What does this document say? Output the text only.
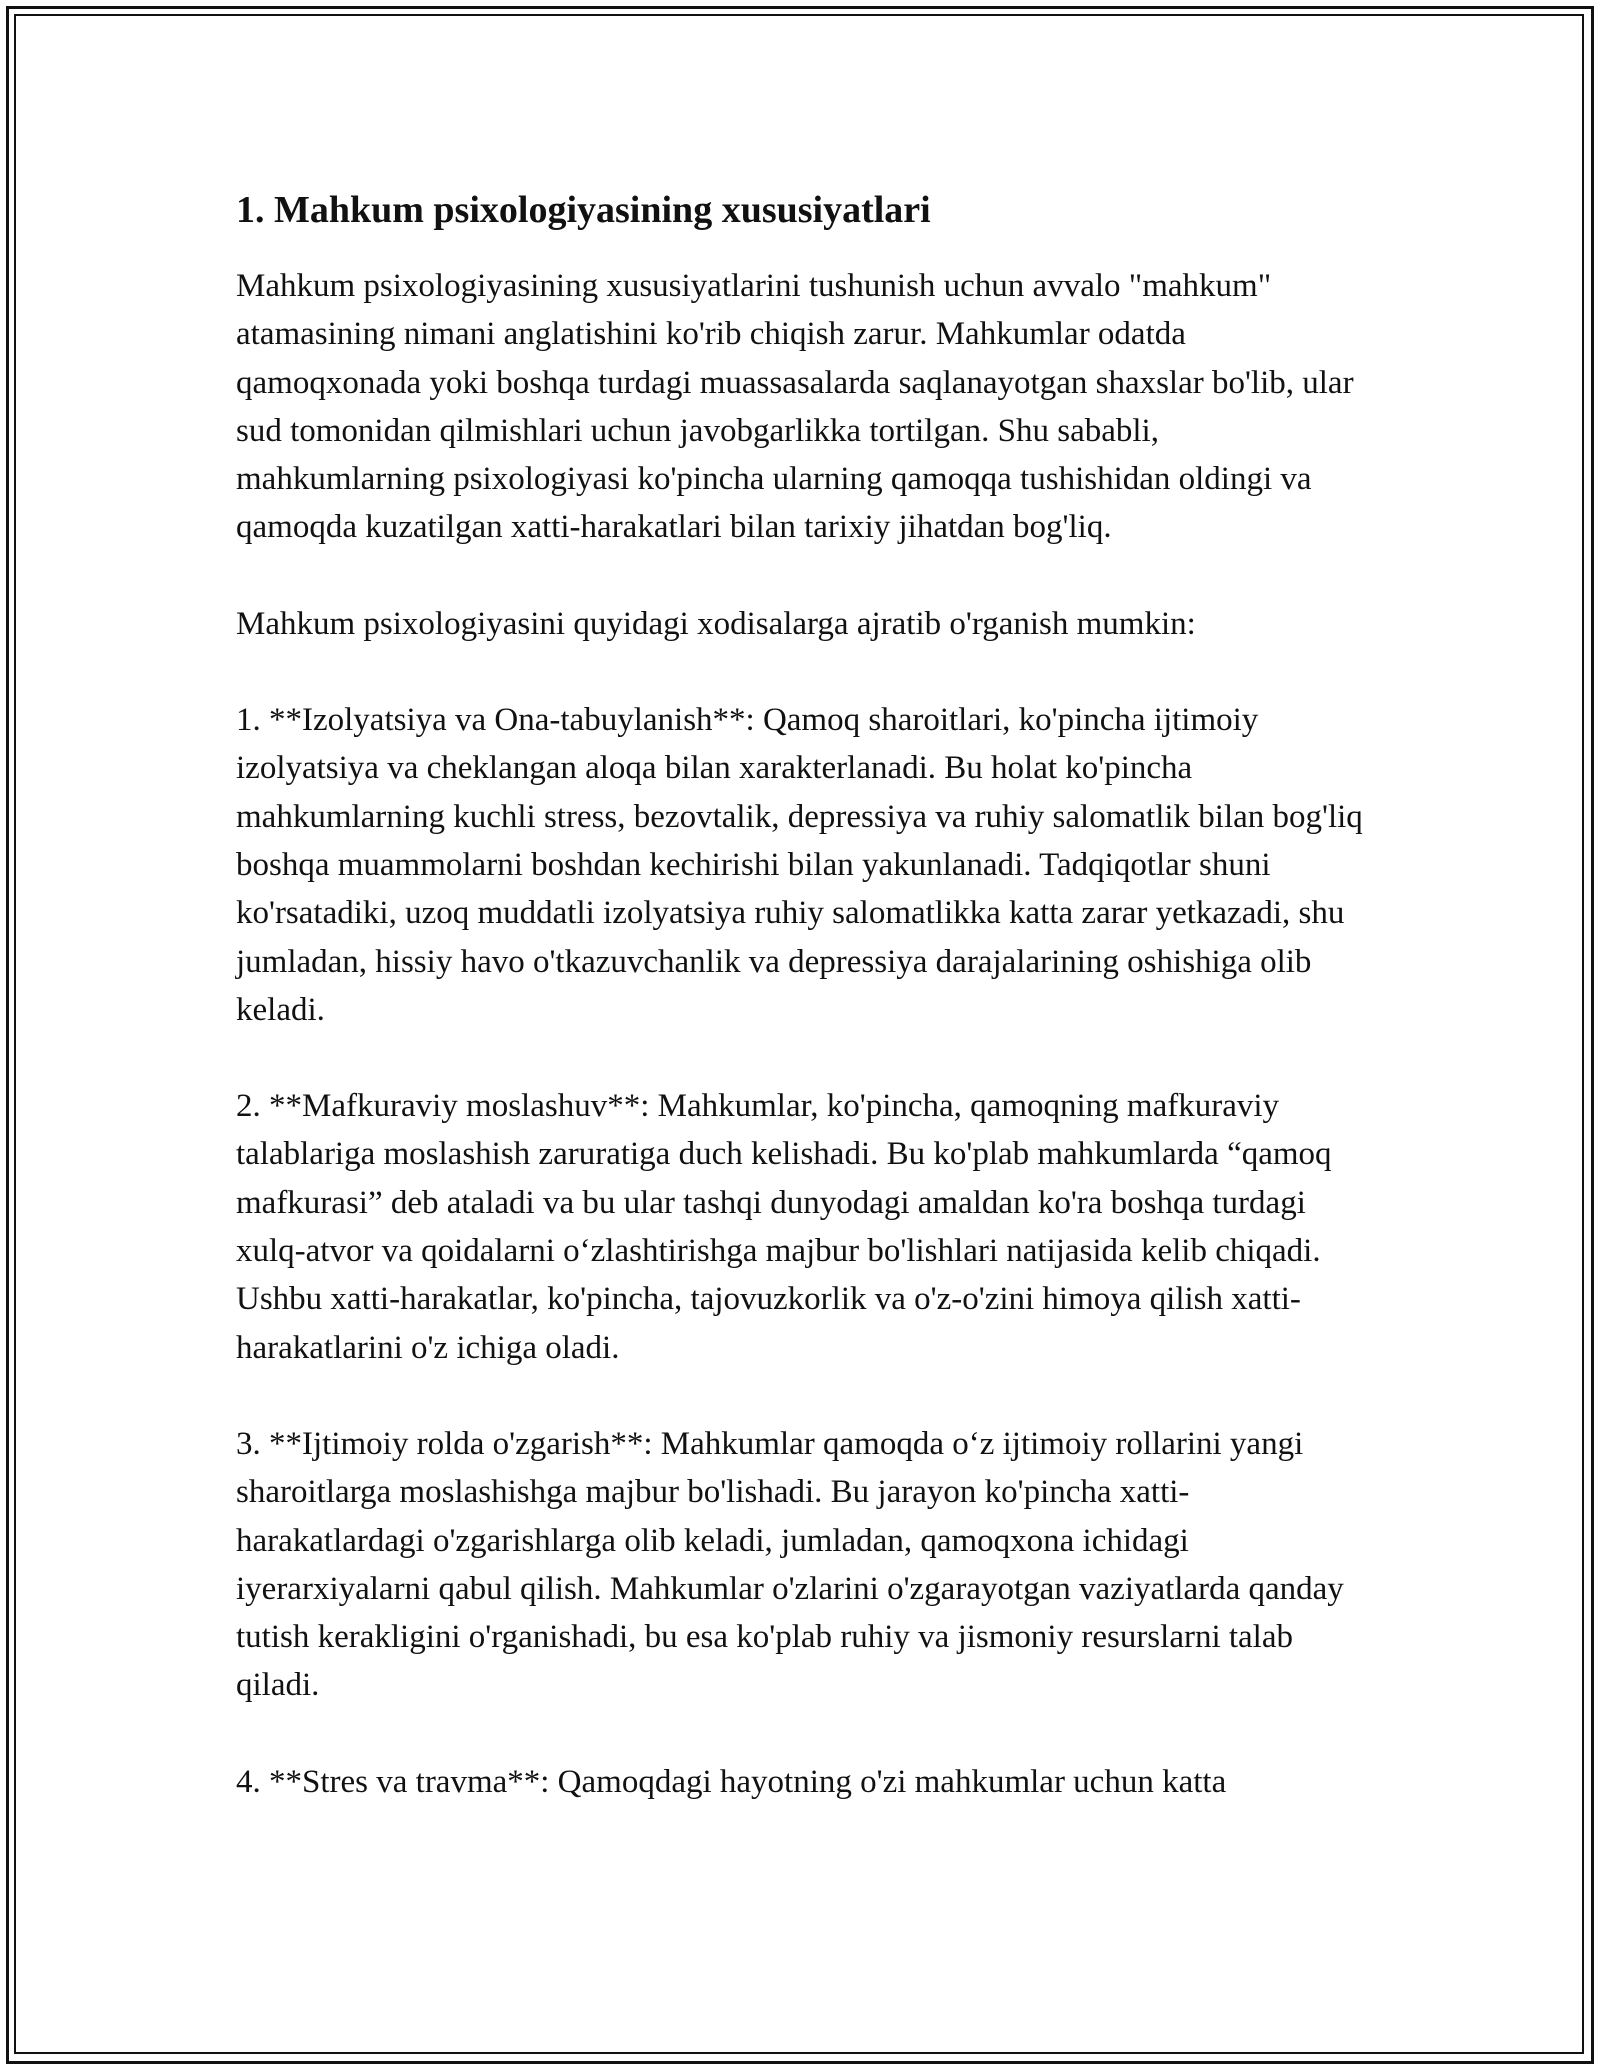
1. Mahkum psixologiyasining xususiyatlari

Mahkum psixologiyasining xususiyatlarini tushunish uchun avvalo "mahkum" atamasining nimani anglatishini ko'rib chiqish zarur. Mahkumlar odatda qamoqxonada yoki boshqa turdagi muassasalarda saqlanayotgan shaxslar bo'lib, ular sud tomonidan qilmishlari uchun javobgarlikka tortilgan. Shu sababli, mahkumlarning psixologiyasi ko'pincha ularning qamoqqa tushishidan oldingi va qamoqda kuzatilgan xatti-harakatlari bilan tarixiy jihatdan bog'liq.

Mahkum psixologiyasini quyidagi xodisalarga ajratib o'rganish mumkin:

1. **Izolyatsiya va Ona-tabuylanish**: Qamoq sharoitlari, ko'pincha ijtimoiy izolyatsiya va cheklangan aloqa bilan xarakterlanadi. Bu holat ko'pincha mahkumlarning kuchli stress, bezovtalik, depressiya va ruhiy salomatlik bilan bog'liq boshqa muammolarni boshdan kechirishi bilan yakunlanadi. Tadqiqotlar shuni ko'rsatadiki, uzoq muddatli izolyatsiya ruhiy salomatlikka katta zarar yetkazadi, shu jumladan, hissiy havo o'tkazuvchanlik va depressiya darajalarining oshishiga olib keladi.

2. **Mafkuraviy moslashuv**: Mahkumlar, ko'pincha, qamoqning mafkuraviy talablariga moslashish zaruratiga duch kelishadi. Bu ko'plab mahkumlarda “qamoq mafkurasi” deb ataladi va bu ular tashqi dunyodagi amaldan ko'ra boshqa turdagi xulq-atvor va qoidalarni oʻzlashtirishga majbur bo'lishlari natijasida kelib chiqadi. Ushbu xatti-harakatlar, ko'pincha, tajovuzkorlik va o'z-o'zini himoya qilish xatti-harakatlarini o'z ichiga oladi.

3. **Ijtimoiy rolda o'zgarish**: Mahkumlar qamoqda oʻz ijtimoiy rollarini yangi sharoitlarga moslashishga majbur bo'lishadi. Bu jarayon ko'pincha xatti-harakatlardagi o'zgarishlarga olib keladi, jumladan, qamoqxona ichidagi iyerarxiyalarni qabul qilish. Mahkumlar o'zlarini o'zgarayotgan vaziyatlarda qanday tutish kerakligini o'rganishadi, bu esa ko'plab ruhiy va jismoniy resurslarni talab qiladi.

4. **Stres va travma**: Qamoqdagi hayotning o'zi mahkumlar uchun katta
